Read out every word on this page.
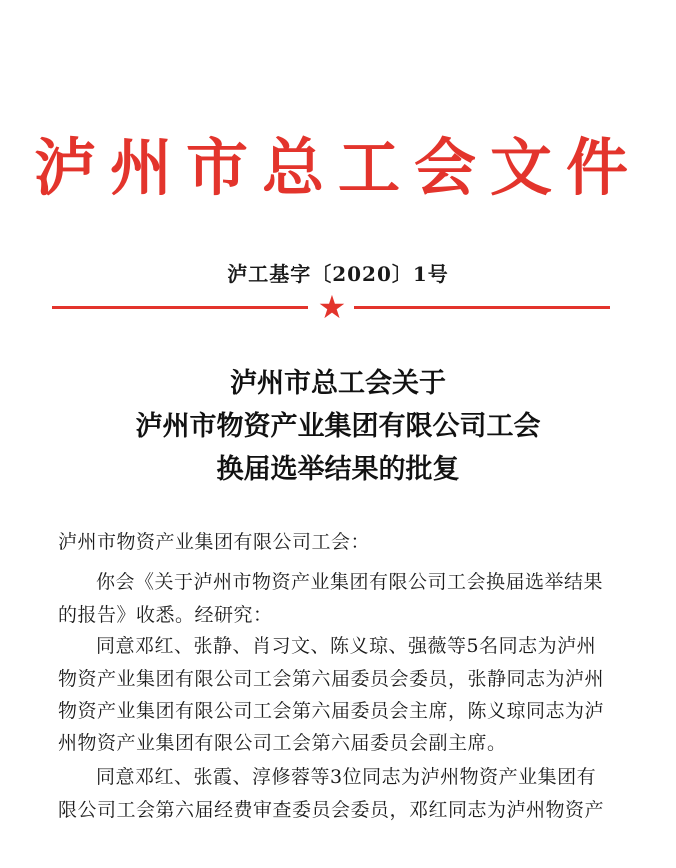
泸州市总工会文件
泸工基字〔2020〕1号
★
泸州市总工会关于
泸州市物资产业集团有限公司工会
换届选举结果的批复
泸州市物资产业集团有限公司工会：
你会《关于泸州市物资产业集团有限公司工会换届选举结果
的报告》收悉。经研究：
同意邓红、张静、肖习文、陈义琼、强薇等5名同志为泸州
物资产业集团有限公司工会第六届委员会委员，张静同志为泸州
物资产业集团有限公司工会第六届委员会主席，陈义琼同志为泸
州物资产业集团有限公司工会第六届委员会副主席。
同意邓红、张霞、淳修蓉等3位同志为泸州物资产业集团有
限公司工会第六届经费审查委员会委员，邓红同志为泸州物资产
